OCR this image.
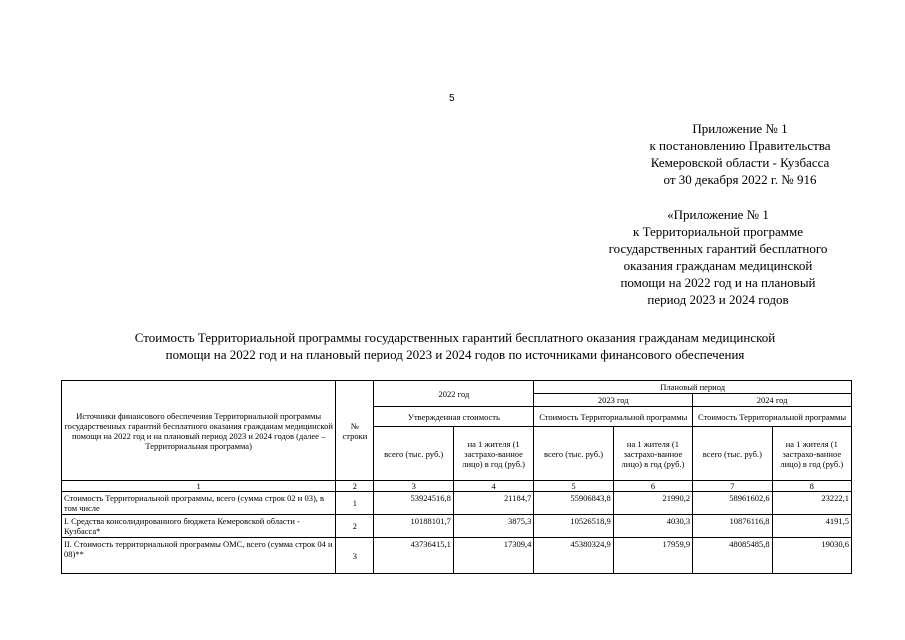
5
Приложение № 1
к постановлению Правительства
Кемеровской области - Кузбасса
от 30 декабря 2022 г. № 916
«Приложение № 1
к Территориальной программе
государственных гарантий бесплатного
оказания гражданам медицинской
помощи на 2022 год и на плановый
период 2023 и 2024 годов
Стоимость Территориальной программы государственных гарантий бесплатного оказания гражданам медицинской
помощи на 2022 год и на плановый период 2023 и 2024 годов по источниками финансового обеспечения
Источники финансового обеспечения Территориальной программы государственных гарантий бесплатного оказания гражданам медицинской помощи на 2022 год и на плановый период 2023 и 2024 годов (далее – Территориальная программа)	№ строки	2022 год		Плановый период			
				2023 год		2024 год	
		Утвержденная стоимость		Стоимость Территориальной программы		Стоимость Территориальной программы	
		всего (тыс. руб.)	на 1 жителя (1 застрахо-ванное лицо) в год (руб.)	всего (тыс. руб.)	на 1 жителя (1 застрахо-ванное лицо) в год (руб.)	всего (тыс. руб.)	на 1 жителя (1 застрахо-ванное лицо) в год (руб.)
1	2	3	4	5	6	7	8
Стоимость Территориальной программы, всего (сумма строк 02 и 03), в том числе	1	53924516,8	21184,7	55906843,8	21990,2	58961602,6	23222,1
I. Средства консолидированного бюджета Кемеровской области - Кузбасса*	2	10188101,7	3875,3	10526518,9	4030,3	10876116,8	4191,5
II. Стоимость территориальной программы ОМС, всего (сумма строк 04 и 08)**	3	43736415,1	17309,4	45380324,9	17959,9	48085485,8	19030,6
